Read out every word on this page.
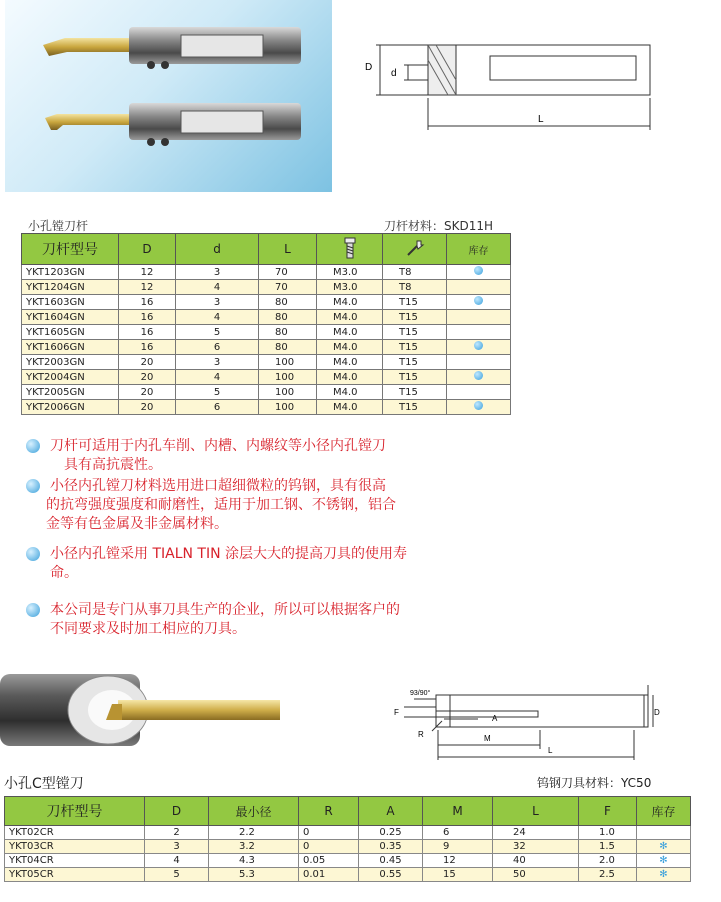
D
d
L
小孔镗刀杆	刀杆材料：SKD11H
刀杆型号	D	d	L			库存
YKT1203GN	12	3	70	M3.0	T8	
YKT1204GN	12	4	70	M3.0	T8	
YKT1603GN	16	3	80	M4.0	T15	
YKT1604GN	16	4	80	M4.0	T15	
YKT1605GN	16	5	80	M4.0	T15	
YKT1606GN	16	6	80	M4.0	T15	
YKT2003GN	20	3	100	M4.0	T15	
YKT2004GN	20	4	100	M4.0	T15	
YKT2005GN	20	5	100	M4.0	T15	
YKT2006GN	20	6	100	M4.0	T15	
刀杆可适用于内孔车削、内槽、内螺纹等小径内孔镗刀
具有高抗震性。
小径内孔镗刀材料选用进口超细微粒的钨钢，具有很高
的抗弯强度强度和耐磨性，适用于加工钢、不锈钢，铝合
金等有色金属及非金属材料。
小径内孔镗采用 TIALN TIN 涂层大大的提高刀具的使用寿
命。
本公司是专门从事刀具生产的企业，所以可以根据客户的
不同要求及时加工相应的刀具。
93/90°
F
A
R	M
L
D
小孔C型镗刀	钨钢刀具材料：YC50
刀杆型号	D	最小径	R	A	M	L	F	库存
YKT02CR	2	2.2	0	0.25	6	24	1.0	
YKT03CR	3	3.2	0	0.35	9	32	1.5	✻
YKT04CR	4	4.3	0.05	0.45	12	40	2.0	✻
YKT05CR	5	5.3	0.01	0.55	15	50	2.5	✻
